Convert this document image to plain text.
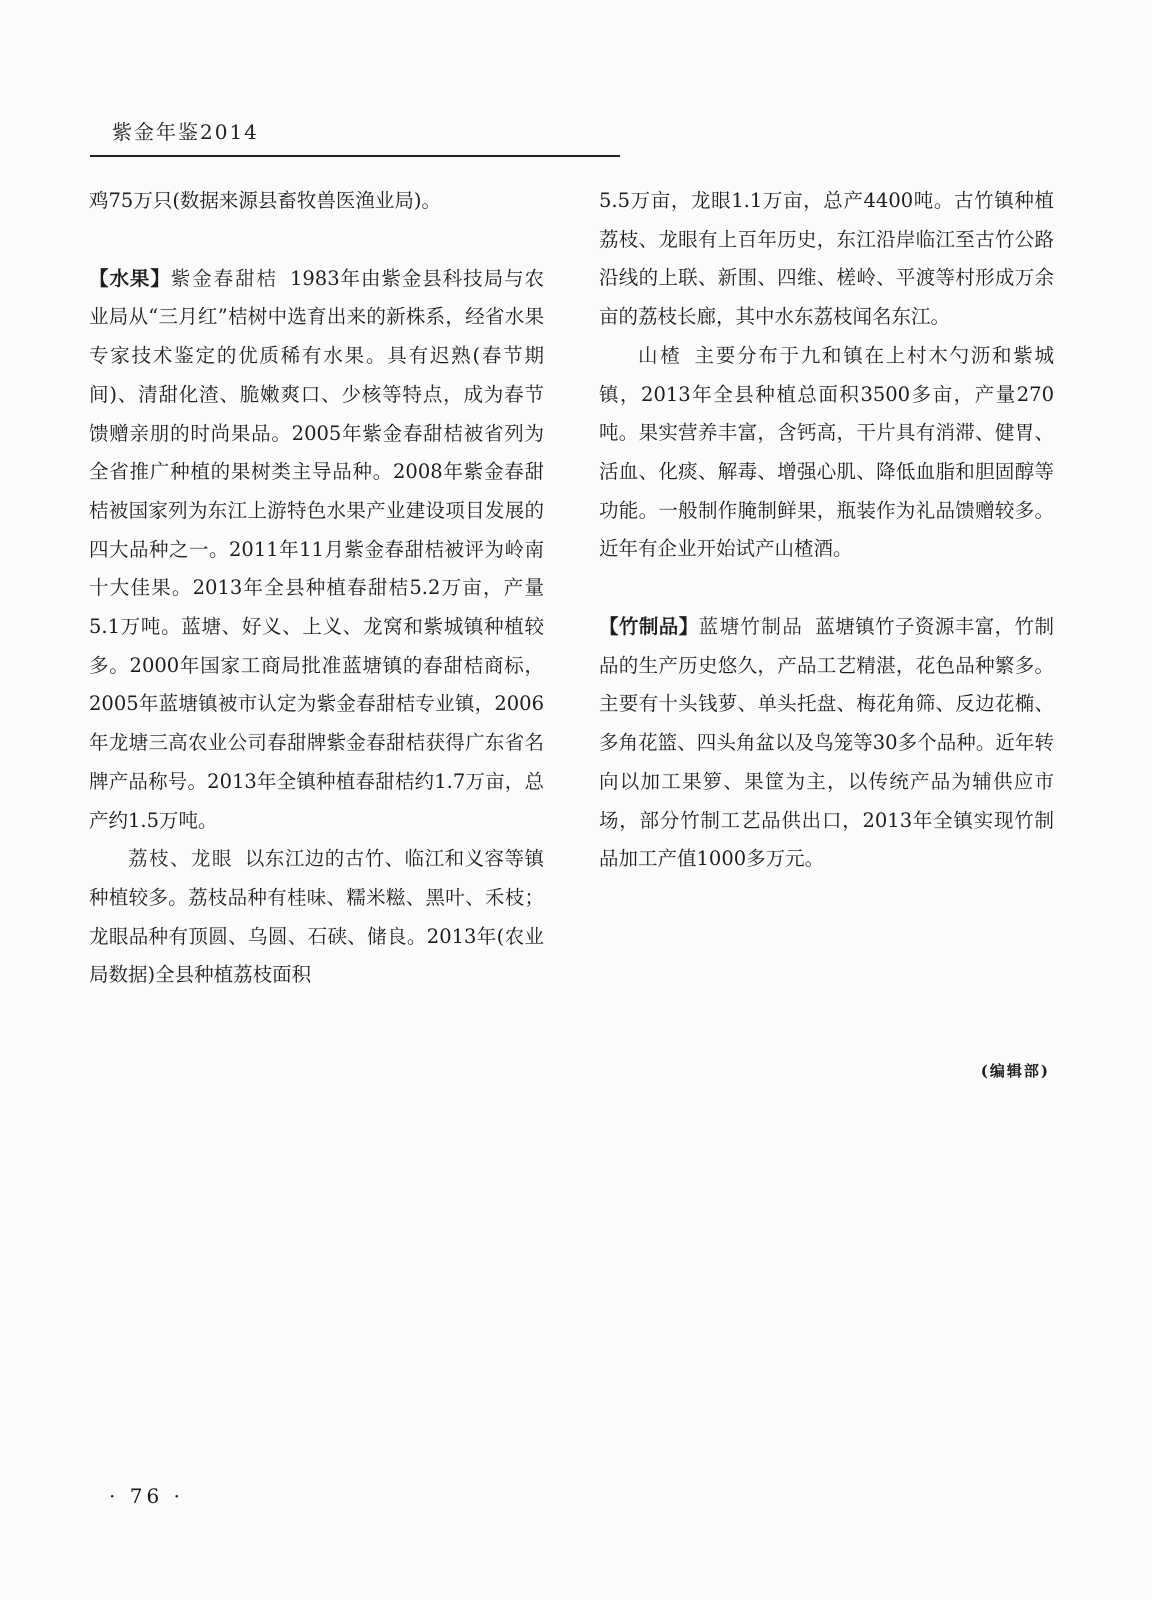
紫金年鉴2014

鸡75万只(数据来源县畜牧兽医渔业局)。

【水果】紫金春甜桔 1983年由紫金县科技局与农业局从“三月红”桔树中选育出来的新株系，经省水果专家技术鉴定的优质稀有水果。具有迟熟(春节期间)、清甜化渣、脆嫩爽口、少核等特点，成为春节馈赠亲朋的时尚果品。2005年紫金春甜桔被省列为全省推广种植的果树类主导品种。2008年紫金春甜桔被国家列为东江上游特色水果产业建设项目发展的四大品种之一。2011年11月紫金春甜桔被评为岭南十大佳果。2013年全县种植春甜桔5.2万亩，产量5.1万吨。蓝塘、好义、上义、龙窝和紫城镇种植较多。2000年国家工商局批准蓝塘镇的春甜桔商标，2005年蓝塘镇被市认定为紫金春甜桔专业镇，2006年龙塘三高农业公司春甜牌紫金春甜桔获得广东省名牌产品称号。2013年全镇种植春甜桔约1.7万亩，总产约1.5万吨。

荔枝、龙眼 以东江边的古竹、临江和义容等镇种植较多。荔枝品种有桂味、糯米糍、黑叶、禾枝；龙眼品种有顶圆、乌圆、石硖、储良。2013年(农业局数据)全县种植荔枝面积

5.5万亩，龙眼1.1万亩，总产4400吨。古竹镇种植荔枝、龙眼有上百年历史，东江沿岸临江至古竹公路沿线的上联、新围、四维、槎岭、平渡等村形成万余亩的荔枝长廊，其中水东荔枝闻名东江。

山楂 主要分布于九和镇在上村木勺沥和紫城镇，2013年全县种植总面积3500多亩，产量270吨。果实营养丰富，含钙高，干片具有消滞、健胃、活血、化痰、解毒、增强心肌、降低血脂和胆固醇等功能。一般制作腌制鲜果，瓶装作为礼品馈赠较多。近年有企业开始试产山楂酒。

【竹制品】蓝塘竹制品 蓝塘镇竹子资源丰富，竹制品的生产历史悠久，产品工艺精湛，花色品种繁多。主要有十头钱萝、单头托盘、梅花角筛、反边花椭、多角花篮、四头角盆以及鸟笼等30多个品种。近年转向以加工果箩、果筐为主，以传统产品为辅供应市场，部分竹制工艺品供出口，2013年全镇实现竹制品加工产值1000多万元。

(编辑部)
· 76 ·
